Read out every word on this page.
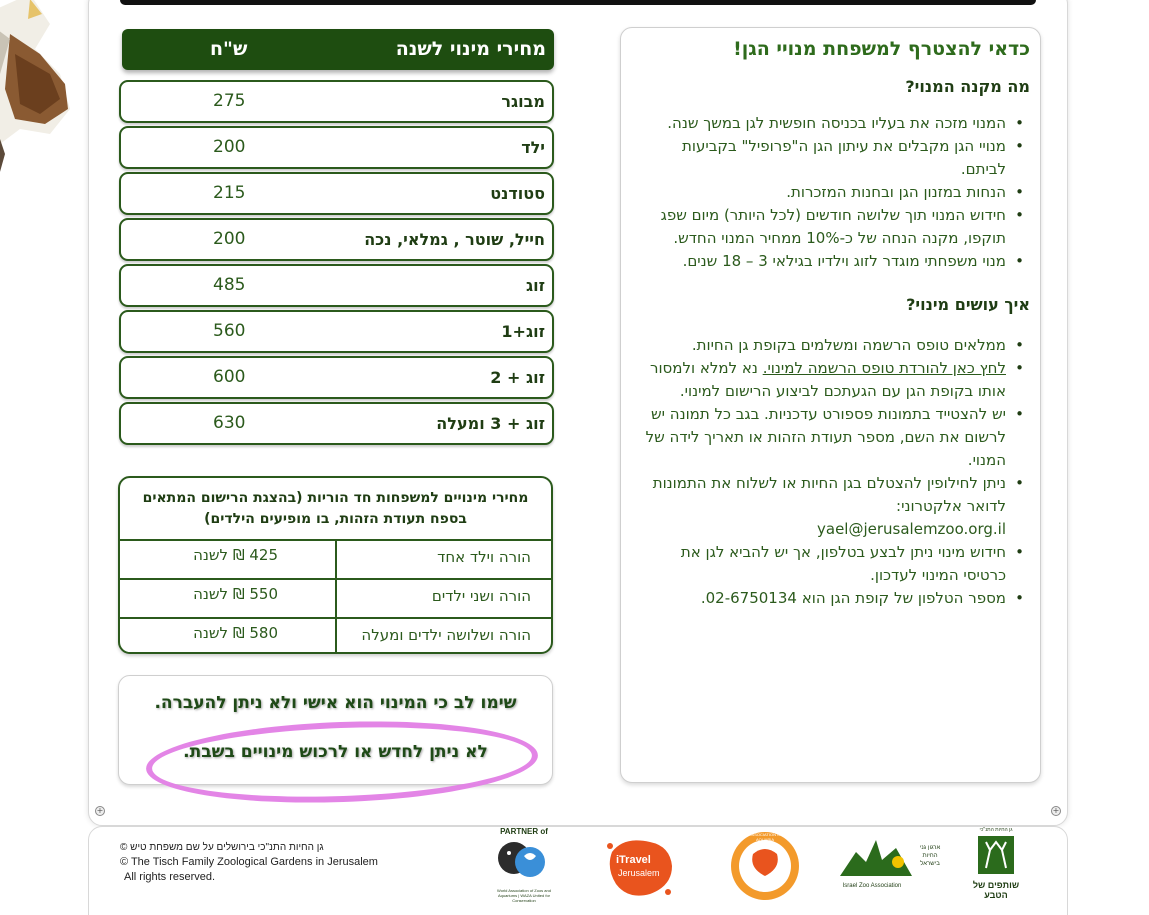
כדאי להצטרף למשפחת מנויי הגן!
מה מקנה המנוי?
• המנוי מזכה את בעליו בכניסה חופשית לגן במשך שנה.
• מנויי הגן מקבלים את עיתון הגן ה"פרופיל" בקביעות לביתם.
• הנחות במזנון הגן ובחנות המזכרות.
• חידוש המנוי תוך שלושה חודשים (לכל היותר) מיום שפג תוקפו, מקנה הנחה של כ-10% ממחיר המנוי החדש.
• מנוי משפחתי מוגדר לזוג וילדיו בגילאי 3 – 18 שנים.
איך עושים מינוי?
• ממלאים טופס הרשמה ומשלמים בקופת גן החיות.
• לחץ כאן להורדת טופס הרשמה למינוי. נא למלא ולמסור אותו בקופת הגן עם הגעתכם לביצוע הרישום למינוי.
• יש להצטייד בתמונות פספורט עדכניות. בגב כל תמונה יש לרשום את השם, מספר תעודת הזהות או תאריך לידה של המנוי.
• ניתן לחילופין להצטלם בגן החיות או לשלוח את התמונות לדואר אלקטרוני:
yael@jerusalemzoo.org.il
• חידוש מינוי ניתן לבצע בטלפון, אך יש להביא לגן את כרטיסי המינוי לעדכון.
• מספר הטלפון של קופת הגן הוא 02-6750134.
מחירי מינוי לשנה
ש"ח
מבוגר
275
ילד
200
סטודנט
215
חייל, שוטר , גמלאי, נכה
200
זוג
485
זוג+1
560
זוג + 2
600
זוג + 3 ומעלה
630
מחירי מינויים למשפחות חד הוריות (בהצגת הרישום המתאים בספח תעודת הזהות, בו מופיעים הילדים)
הורה וילד אחד
425 ₪ לשנה
הורה ושני ילדים
550 ₪ לשנה
הורה ושלושה ילדים ומעלה
580 ₪ לשנה
שימו לב כי המינוי הוא אישי ולא ניתן להעברה.
לא ניתן לחדש או לרכוש מינויים בשבת.
+	+
© גן החיות התנ"כי בירושלים על שם משפחת טיש
© The Tisch Family Zoological Gardens in Jerusalem
All rights reserved.
PARTNER of
World Association of Zoos and Aquariums | WAZA United for Conservation
iTravel
Jerusalem
EUROPEAN ASSOCIATION OF ZOOS AND AQUARIA
EAZA
ארגון גני החיות בישראל
Israel Zoo Association
גן החיות התנ"כי
שותפים של הטבע
